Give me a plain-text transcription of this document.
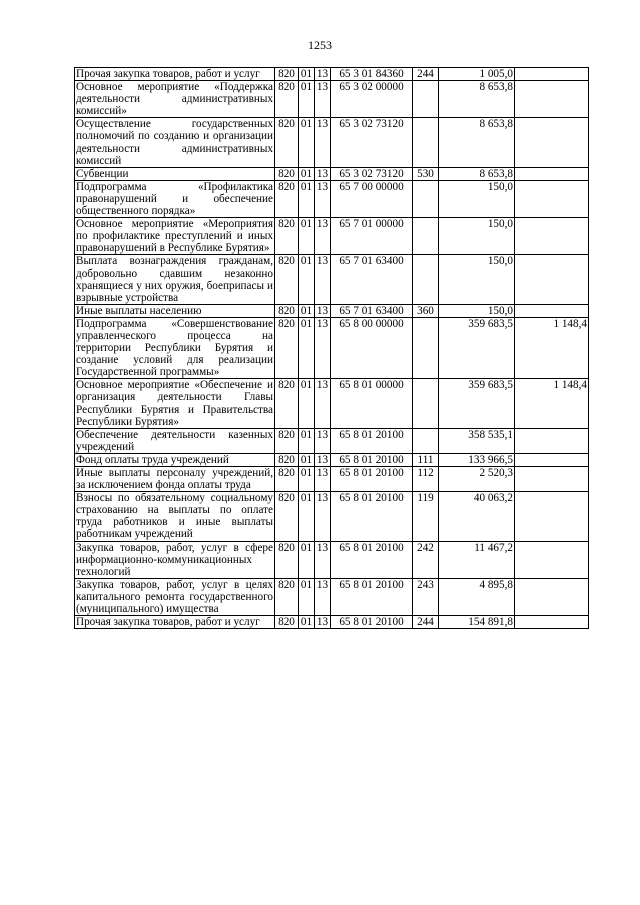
1253
Прочая закупка товаров, работ и услуг	820	01	13	65 3 01 84360	244	1 005,0	
Основное мероприятие «Поддержка деятельности административных комиссий»	820	01	13	65 3 02 00000		8 653,8	
Осуществление государственных полномочий по созданию и организации деятельности административных комиссий	820	01	13	65 3 02 73120		8 653,8	
Субвенции	820	01	13	65 3 02 73120	530	8 653,8	
Подпрограмма «Профилактика правонарушений и обеспечение общественного порядка»	820	01	13	65 7 00 00000		150,0	
Основное мероприятие «Мероприятия по профилактике преступлений и иных правонарушений в Республике Бурятия»	820	01	13	65 7 01 00000		150,0	
Выплата вознаграждения гражданам, добровольно сдавшим незаконно хранящиеся у них оружия, боеприпасы и взрывные устройства	820	01	13	65 7 01 63400		150,0	
Иные выплаты населению	820	01	13	65 7 01 63400	360	150,0	
Подпрограмма «Совершенствование управленческого процесса на территории Республики Бурятия и создание условий для реализации Государственной программы»	820	01	13	65 8 00 00000		359 683,5	1 148,4
Основное мероприятие «Обеспечение и организация деятельности Главы Республики Бурятия и Правительства Республики Бурятия»	820	01	13	65 8 01 00000		359 683,5	1 148,4
Обеспечение деятельности казенных учреждений	820	01	13	65 8 01 20100		358 535,1	
Фонд оплаты труда учреждений	820	01	13	65 8 01 20100	111	133 966,5	
Иные выплаты персоналу учреждений, за исключением фонда оплаты труда	820	01	13	65 8 01 20100	112	2 520,3	
Взносы по обязательному социальному страхованию на выплаты по оплате труда работников и иные выплаты работникам учреждений	820	01	13	65 8 01 20100	119	40 063,2	
Закупка товаров, работ, услуг в сфере информационно-коммуникационных технологий	820	01	13	65 8 01 20100	242	11 467,2	
Закупка товаров, работ, услуг в целях капитального ремонта государственного (муниципального) имущества	820	01	13	65 8 01 20100	243	4 895,8	
Прочая закупка товаров, работ и услуг	820	01	13	65 8 01 20100	244	154 891,8	
